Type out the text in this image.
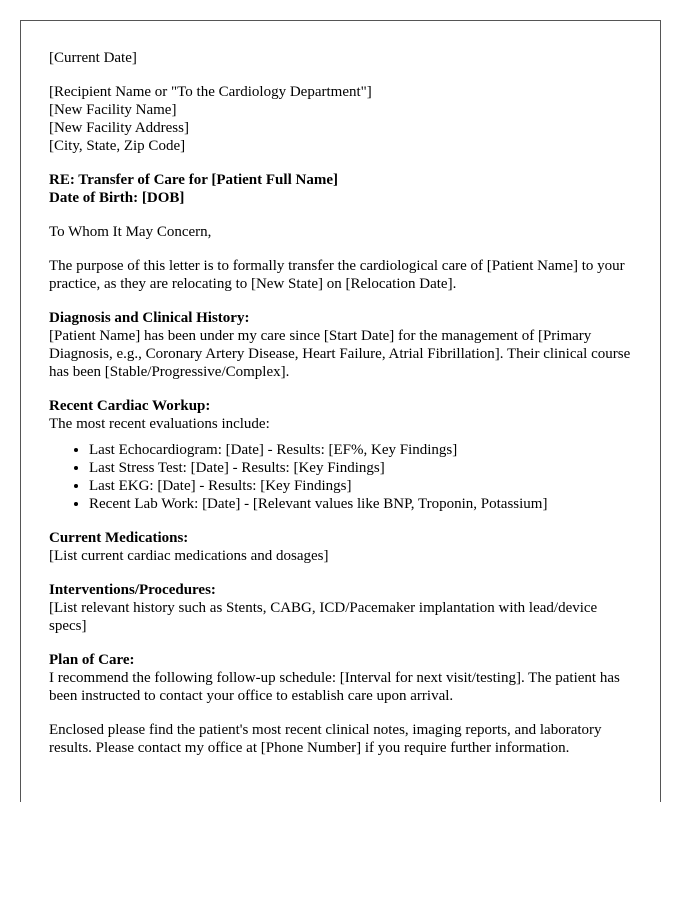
[Current Date]

[Recipient Name or "To the Cardiology Department"]
[New Facility Name]
[New Facility Address]
[City, State, Zip Code]

RE: Transfer of Care for [Patient Full Name]
Date of Birth: [DOB]

To Whom It May Concern,

The purpose of this letter is to formally transfer the cardiological care of [Patient Name] to your practice, as they are relocating to [New State] on [Relocation Date].

Diagnosis and Clinical History:
[Patient Name] has been under my care since [Start Date] for the management of [Primary Diagnosis, e.g., Coronary Artery Disease, Heart Failure, Atrial Fibrillation]. Their clinical course has been [Stable/Progressive/Complex].

Recent Cardiac Workup:
The most recent evaluations include:

• Last Echocardiogram: [Date] - Results: [EF%, Key Findings]
• Last Stress Test: [Date] - Results: [Key Findings]
• Last EKG: [Date] - Results: [Key Findings]
• Recent Lab Work: [Date] - [Relevant values like BNP, Troponin, Potassium]

Current Medications:
[List current cardiac medications and dosages]

Interventions/Procedures:
[List relevant history such as Stents, CABG, ICD/Pacemaker implantation with lead/device specs]

Plan of Care:
I recommend the following follow-up schedule: [Interval for next visit/testing]. The patient has been instructed to contact your office to establish care upon arrival.

Enclosed please find the patient's most recent clinical notes, imaging reports, and laboratory results. Please contact my office at [Phone Number] if you require further information.
